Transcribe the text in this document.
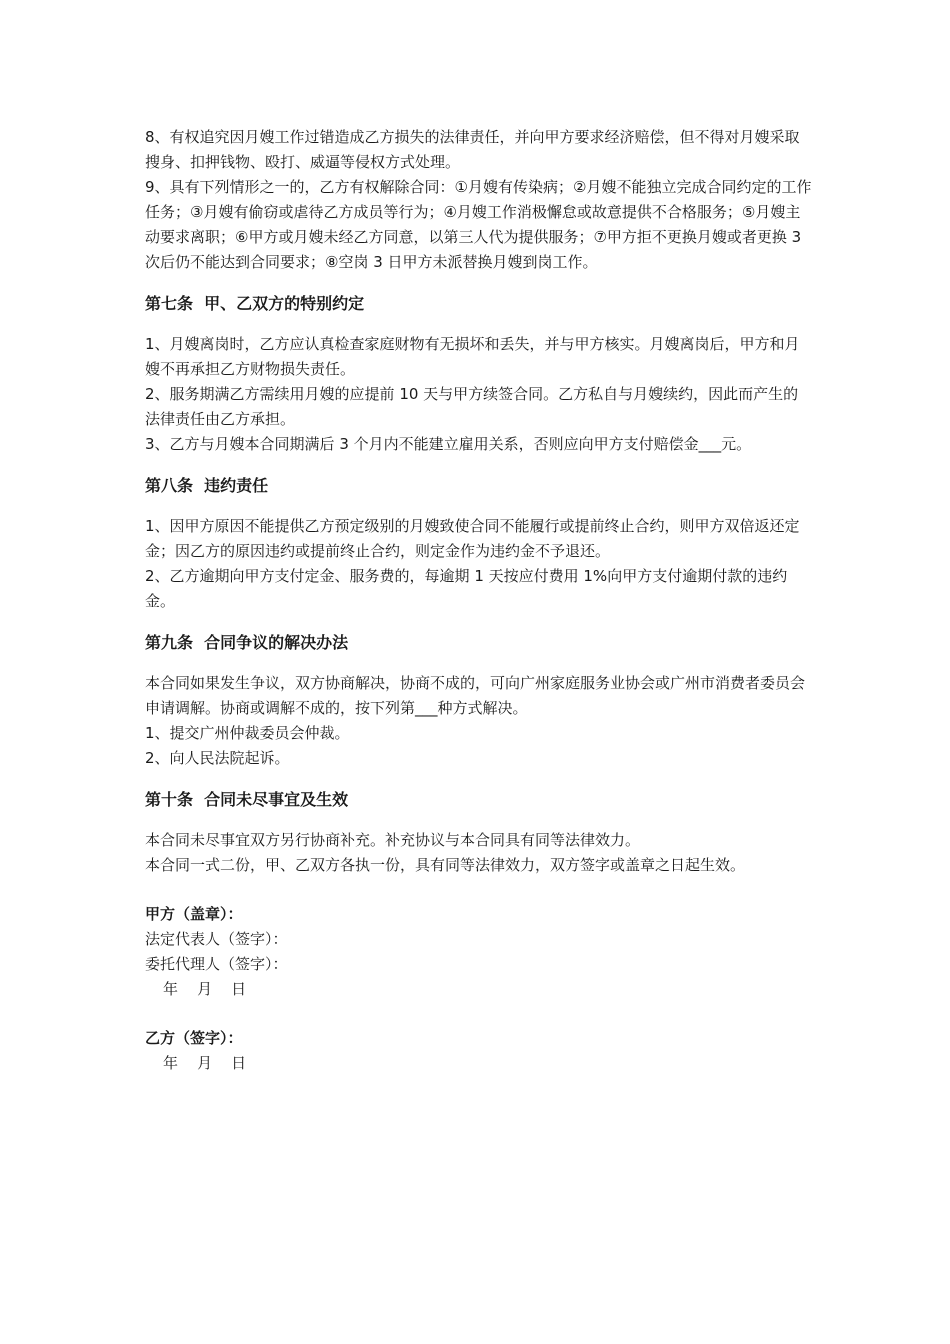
8、有权追究因月嫂工作过错造成乙方损失的法律责任，并向甲方要求经济赔偿，但不得对月嫂采取搜身、扣押钱物、殴打、威逼等侵权方式处理。

9、具有下列情形之一的，乙方有权解除合同：①月嫂有传染病；②月嫂不能独立完成合同约定的工作任务；③月嫂有偷窃或虐待乙方成员等行为；④月嫂工作消极懈怠或故意提供不合格服务；⑤月嫂主动要求离职；⑥甲方或月嫂未经乙方同意，以第三人代为提供服务；⑦甲方拒不更换月嫂或者更换 3 次后仍不能达到合同要求；⑧空岗 3 日甲方未派替换月嫂到岗工作。

第七条  甲、乙双方的特别约定

1、月嫂离岗时，乙方应认真检查家庭财物有无损坏和丢失，并与甲方核实。月嫂离岗后，甲方和月嫂不再承担乙方财物损失责任。

2、服务期满乙方需续用月嫂的应提前 10 天与甲方续签合同。乙方私自与月嫂续约，因此而产生的法律责任由乙方承担。

3、乙方与月嫂本合同期满后 3 个月内不能建立雇用关系，否则应向甲方支付赔偿金___元。

第八条  违约责任

1、因甲方原因不能提供乙方预定级别的月嫂致使合同不能履行或提前终止合约，则甲方双倍返还定金；因乙方的原因违约或提前终止合约，则定金作为违约金不予退还。

2、乙方逾期向甲方支付定金、服务费的，每逾期 1 天按应付费用 1%向甲方支付逾期付款的违约金。

第九条  合同争议的解决办法

本合同如果发生争议，双方协商解决，协商不成的，可向广州家庭服务业协会或广州市消费者委员会申请调解。协商或调解不成的，按下列第___种方式解决。

1、提交广州仲裁委员会仲裁。

2、向人民法院起诉。

第十条  合同未尽事宜及生效

本合同未尽事宜双方另行协商补充。补充协议与本合同具有同等法律效力。

本合同一式二份，甲、乙双方各执一份，具有同等法律效力，双方签字或盖章之日起生效。

甲方（盖章）：

法定代表人（签字）：

委托代理人（签字）：

年    月    日

乙方（签字）：

年    月    日
